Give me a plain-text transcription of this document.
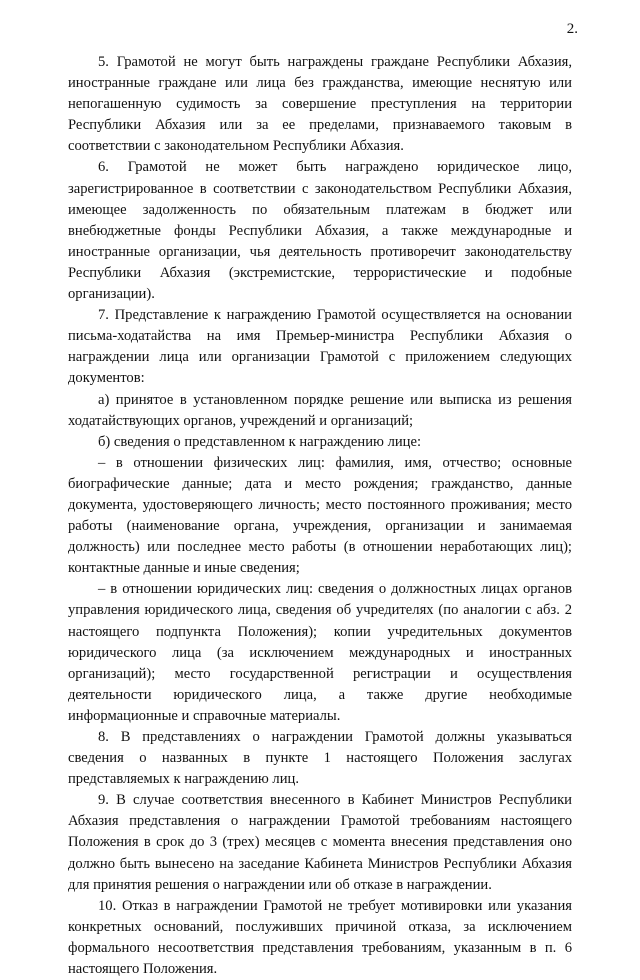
2.

5. Грамотой не могут быть награждены граждане Республики Абхазия, иностранные граждане или лица без гражданства, имеющие неснятую или непогашенную судимость за совершение преступления на территории Республики Абхазия или за ее пределами, признаваемого таковым в соответствии с законодательном Республики Абхазия.

6. Грамотой не может быть награждено юридическое лицо, зарегистрированное в соответствии с законодательством Республики Абхазия, имеющее задолженность по обязательным платежам в бюджет или внебюджетные фонды Республики Абхазия, а также международные и иностранные организации, чья деятельность противоречит законодательству Республики Абхазия (экстремистские, террористические и подобные организации).

7. Представление к награждению Грамотой осуществляется на основании письма-ходатайства на имя Премьер-министра Республики Абхазия о награждении лица или организации Грамотой с приложением следующих документов:

а) принятое в установленном порядке решение или выписка из решения ходатайствующих органов, учреждений и организаций;

б) сведения о представленном к награждению лице:

– в отношении физических лиц: фамилия, имя, отчество; основные биографические данные; дата и место рождения; гражданство, данные документа, удостоверяющего личность; место постоянного проживания; место работы (наименование органа, учреждения, организации и занимаемая должность) или последнее место работы (в отношении неработающих лиц); контактные данные и иные сведения;

– в отношении юридических лиц: сведения о должностных лицах органов управления юридического лица, сведения об учредителях (по аналогии с абз. 2 настоящего подпункта Положения); копии учредительных документов юридического лица (за исключением международных и иностранных организаций); место государственной регистрации и осуществления деятельности юридического лица, а также другие необходимые информационные и справочные материалы.

8. В представлениях о награждении Грамотой должны указываться сведения о названных в пункте 1 настоящего Положения заслугах представляемых к награждению лиц.

9. В случае соответствия внесенного в Кабинет Министров Республики Абхазия представления о награждении Грамотой требованиям настоящего Положения в срок до 3 (трех) месяцев с момента внесения представления оно должно быть вынесено на заседание Кабинета Министров Республики Абхазия для принятия решения о награждении или об отказе в награждении.

10. Отказ в награждении Грамотой не требует мотивировки или указания конкретных оснований, послуживших причиной отказа, за исключением формального несоответствия представления требованиям, указанным в п. 6 настоящего Положения.
